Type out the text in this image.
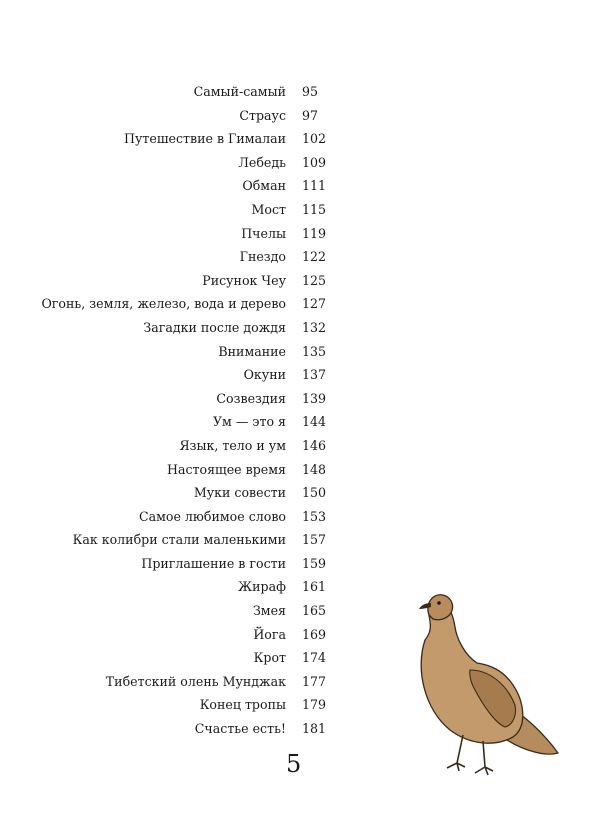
Самый-самый 95
Страус 97
Путешествие в Гималаи 102
Лебедь 109
Обман 111
Мост 115
Пчелы 119
Гнездо 122
Рисунок Чеу 125
Огонь, земля, железо, вода и дерево 127
Загадки после дождя 132
Внимание 135
Окуни 137
Созвездия 139
Ум — это я 144
Язык, тело и ум 146
Настоящее время 148
Муки совести 150
Самое любимое слово 153
Как колибри стали маленькими 157
Приглашение в гости 159
Жираф 161
Змея 165
Йога 169
Крот 174
Тибетский олень Мунджак 177
Конец тропы 179
Счастье есть! 181
5
